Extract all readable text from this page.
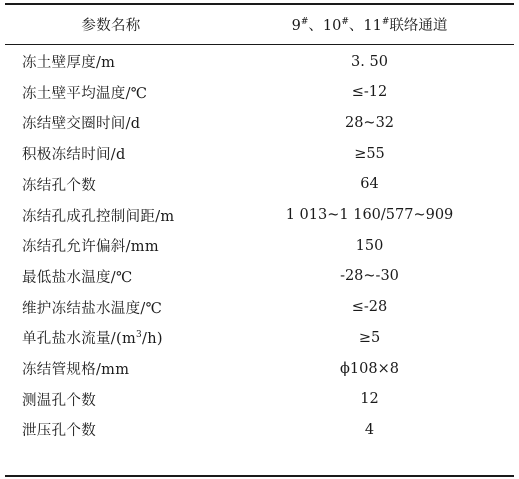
参数名称	9#、10#、11#联络通道
冻土壁厚度/m	3. 50
冻土壁平均温度/℃	≤-12
冻结壁交圈时间/d	28~32
积极冻结时间/d	≥55
冻结孔个数	64
冻结孔成孔控制间距/m	1 013~1 160/577~909
冻结孔允许偏斜/mm	150
最低盐水温度/℃	-28~-30
维护冻结盐水温度/℃	≤-28
单孔盐水流量$/(m^3/h)$	≥5
冻结管规格/mm	ϕ108×8
测温孔个数	12
泄压孔个数	4
